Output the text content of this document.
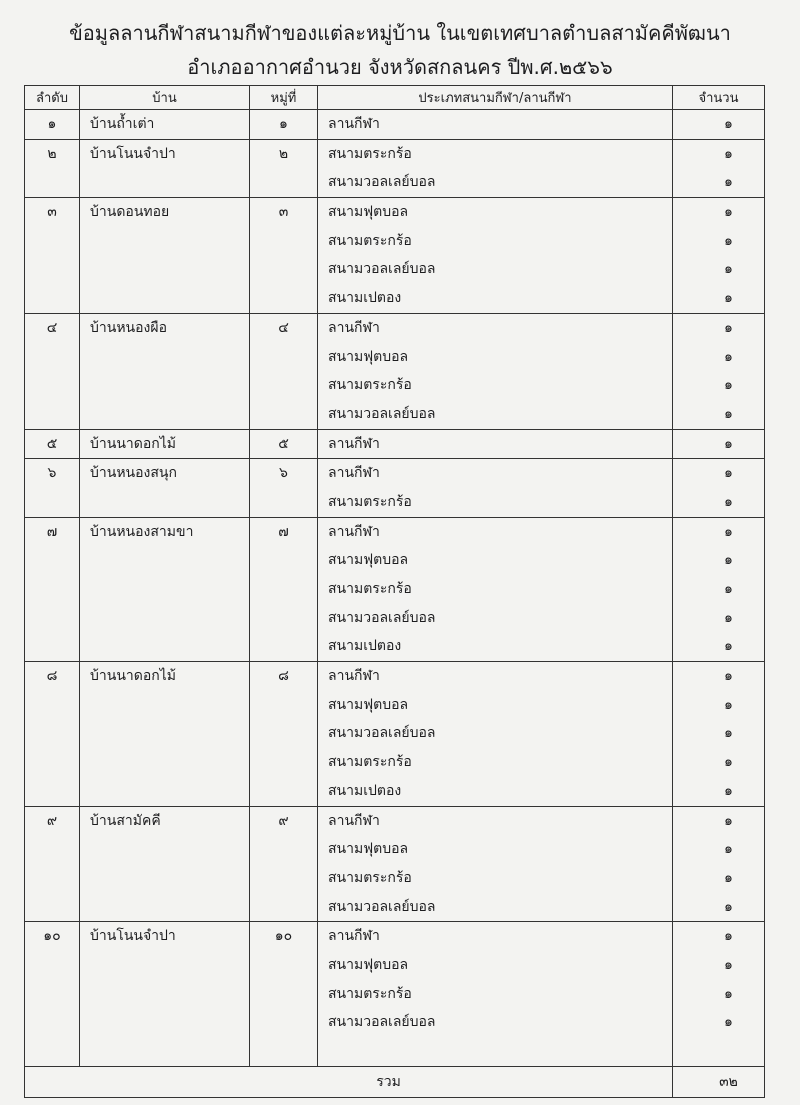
ข้อมูลลานกีฬาสนามกีฬาของแต่ละหมู่บ้าน ในเขตเทศบาลตำบลสามัคคีพัฒนา
อำเภออากาศอำนวย จังหวัดสกลนคร ปีพ.ศ.๒๕๖๖
ลำดับ	บ้าน	หมู่ที่	ประเภทสนามกีฬา/ลานกีฬา	จำนวน
๑	บ้านถ้ำเต่า	๑	ลานกีฬา	๑
๒	บ้านโนนจำปา	๒	สนามตระกร้อ	๑
			สนามวอลเลย์บอล	๑
๓	บ้านดอนทอย	๓	สนามฟุตบอล	๑
			สนามตระกร้อ	๑
			สนามวอลเลย์บอล	๑
			สนามเปตอง	๑
๔	บ้านหนองผือ	๔	ลานกีฬา	๑
			สนามฟุตบอล	๑
			สนามตระกร้อ	๑
			สนามวอลเลย์บอล	๑
๕	บ้านนาดอกไม้	๕	ลานกีฬา	๑
๖	บ้านหนองสนุก	๖	ลานกีฬา	๑
			สนามตระกร้อ	๑
๗	บ้านหนองสามขา	๗	ลานกีฬา	๑
			สนามฟุตบอล	๑
			สนามตระกร้อ	๑
			สนามวอลเลย์บอล	๑
			สนามเปตอง	๑
๘	บ้านนาดอกไม้	๘	ลานกีฬา	๑
			สนามฟุตบอล	๑
			สนามวอลเลย์บอล	๑
			สนามตระกร้อ	๑
			สนามเปตอง	๑
๙	บ้านสามัคคี	๙	ลานกีฬา	๑
			สนามฟุตบอล	๑
			สนามตระกร้อ	๑
			สนามวอลเลย์บอล	๑
๑๐	บ้านโนนจำปา	๑๐	ลานกีฬา	๑
			สนามฟุตบอล	๑
			สนามตระกร้อ	๑
			สนามวอลเลย์บอล	๑

รวม				๓๒
